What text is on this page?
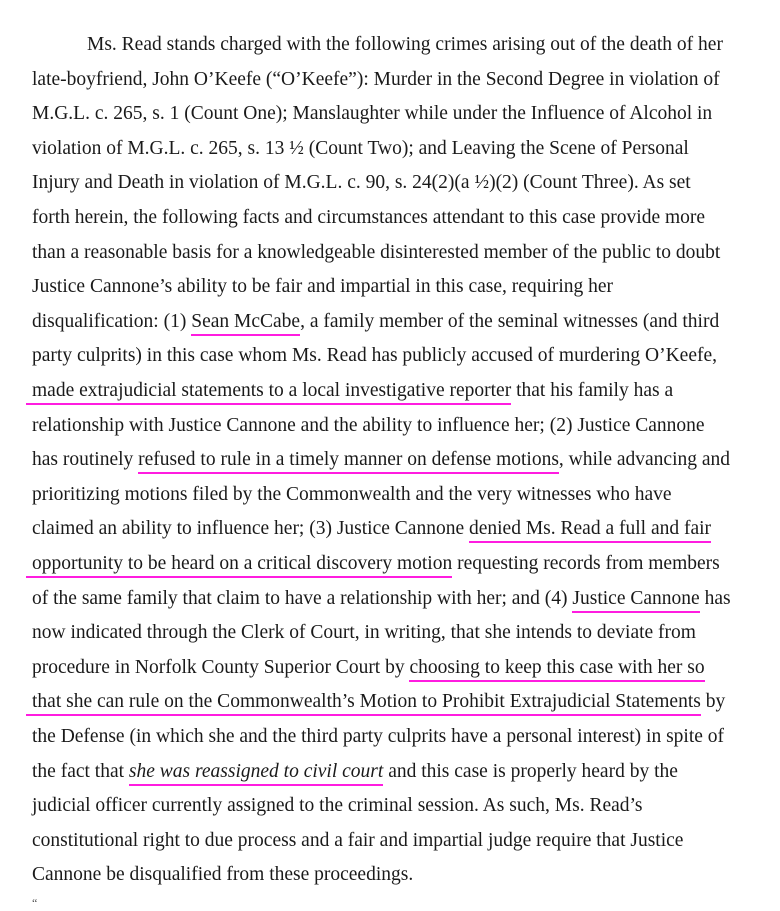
Ms. Read stands charged with the following crimes arising out of the death of her

late-boyfriend, John O’Keefe (“O’Keefe”): Murder in the Second Degree in violation of

M.G.L. c. 265, s. 1 (Count One); Manslaughter while under the Influence of Alcohol in

violation of M.G.L. c. 265, s. 13 ½ (Count Two); and Leaving the Scene of Personal

Injury and Death in violation of M.G.L. c. 90, s. 24(2)(a ½)(2) (Count Three). As set

forth herein, the following facts and circumstances attendant to this case provide more

than a reasonable basis for a knowledgeable disinterested member of the public to doubt

Justice Cannone’s ability to be fair and impartial in this case, requiring her

disqualification: (1) Sean McCabe, a family member of the seminal witnesses (and third

party culprits) in this case whom Ms. Read has publicly accused of murdering O’Keefe,

made extrajudicial statements to a local investigative reporter that his family has a

relationship with Justice Cannone and the ability to influence her; (2) Justice Cannone

has routinely refused to rule in a timely manner on defense motions, while advancing and

prioritizing motions filed by the Commonwealth and the very witnesses who have

claimed an ability to influence her; (3) Justice Cannone denied Ms. Read a full and fair

opportunity to be heard on a critical discovery motion requesting records from members

of the same family that claim to have a relationship with her; and (4) Justice Cannone has

now indicated through the Clerk of Court, in writing, that she intends to deviate from

procedure in Norfolk County Superior Court by choosing to keep this case with her so

that she can rule on the Commonwealth’s Motion to Prohibit Extrajudicial Statements by

the Defense (in which she and the third party culprits have a personal interest) in spite of

the fact that she was reassigned to civil court and this case is properly heard by the

judicial officer currently assigned to the criminal session. As such, Ms. Read’s

constitutional right to due process and a fair and impartial judge require that Justice

Cannone be disqualified from these proceedings.

“
